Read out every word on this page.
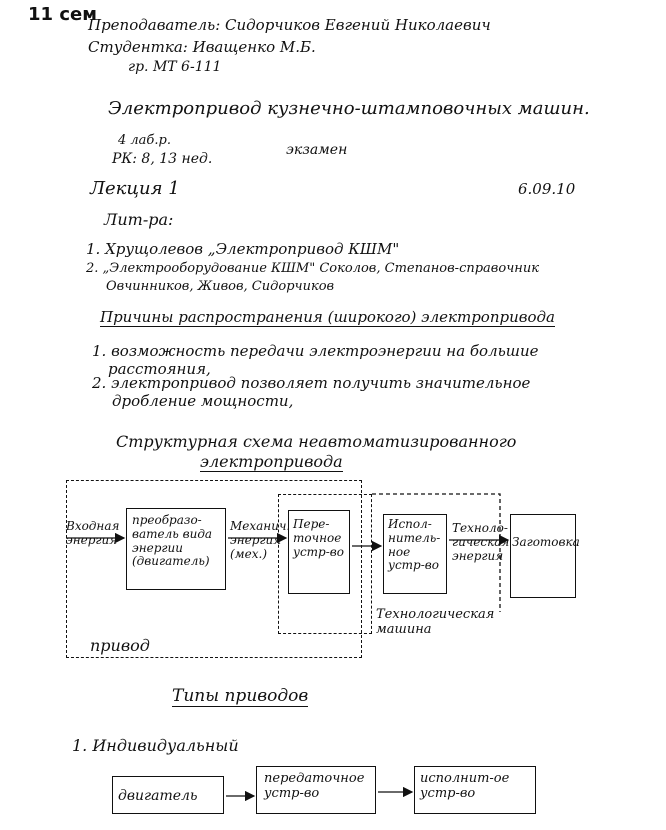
11 сем
Преподаватель: Сидорчиков Евгений Николаевич
Студентка: Иващенко М.Б.
гр. МТ 6-111
Электропривод кузнечно-штамповочных машин.
4 лаб.р.
РК: 8, 13 нед.
экзамен
Лекция 1	6.09.10
Лит-ра:
1. Хрущолевов „Электропривод КШМ"
2. „Электрооборудование КШМ" Соколов, Степанов-справочник
Овчинников, Живов, Сидорчиков
Причины распространения (широкого) электропривода
1. возможность передачи электроэнергии на большие
расстояния,
2. электропривод позволяет получить значительное
дробление мощности,
Структурная схема неавтоматизированного
электропривода
преобразо-
ватель вида
энергии
(двигатель)
Пере-
точное
устр-во
Испол-
нитель-
ное
устр-во
Заготовка
Входная
энергия
Механич.
энергия
(мех.)
Техноло-
гическая
энергия
Технологическая
машина
привод
Типы приводов
1. Индивидуальный
двигатель
передаточное
устр-во
исполнит-ое
устр-во
